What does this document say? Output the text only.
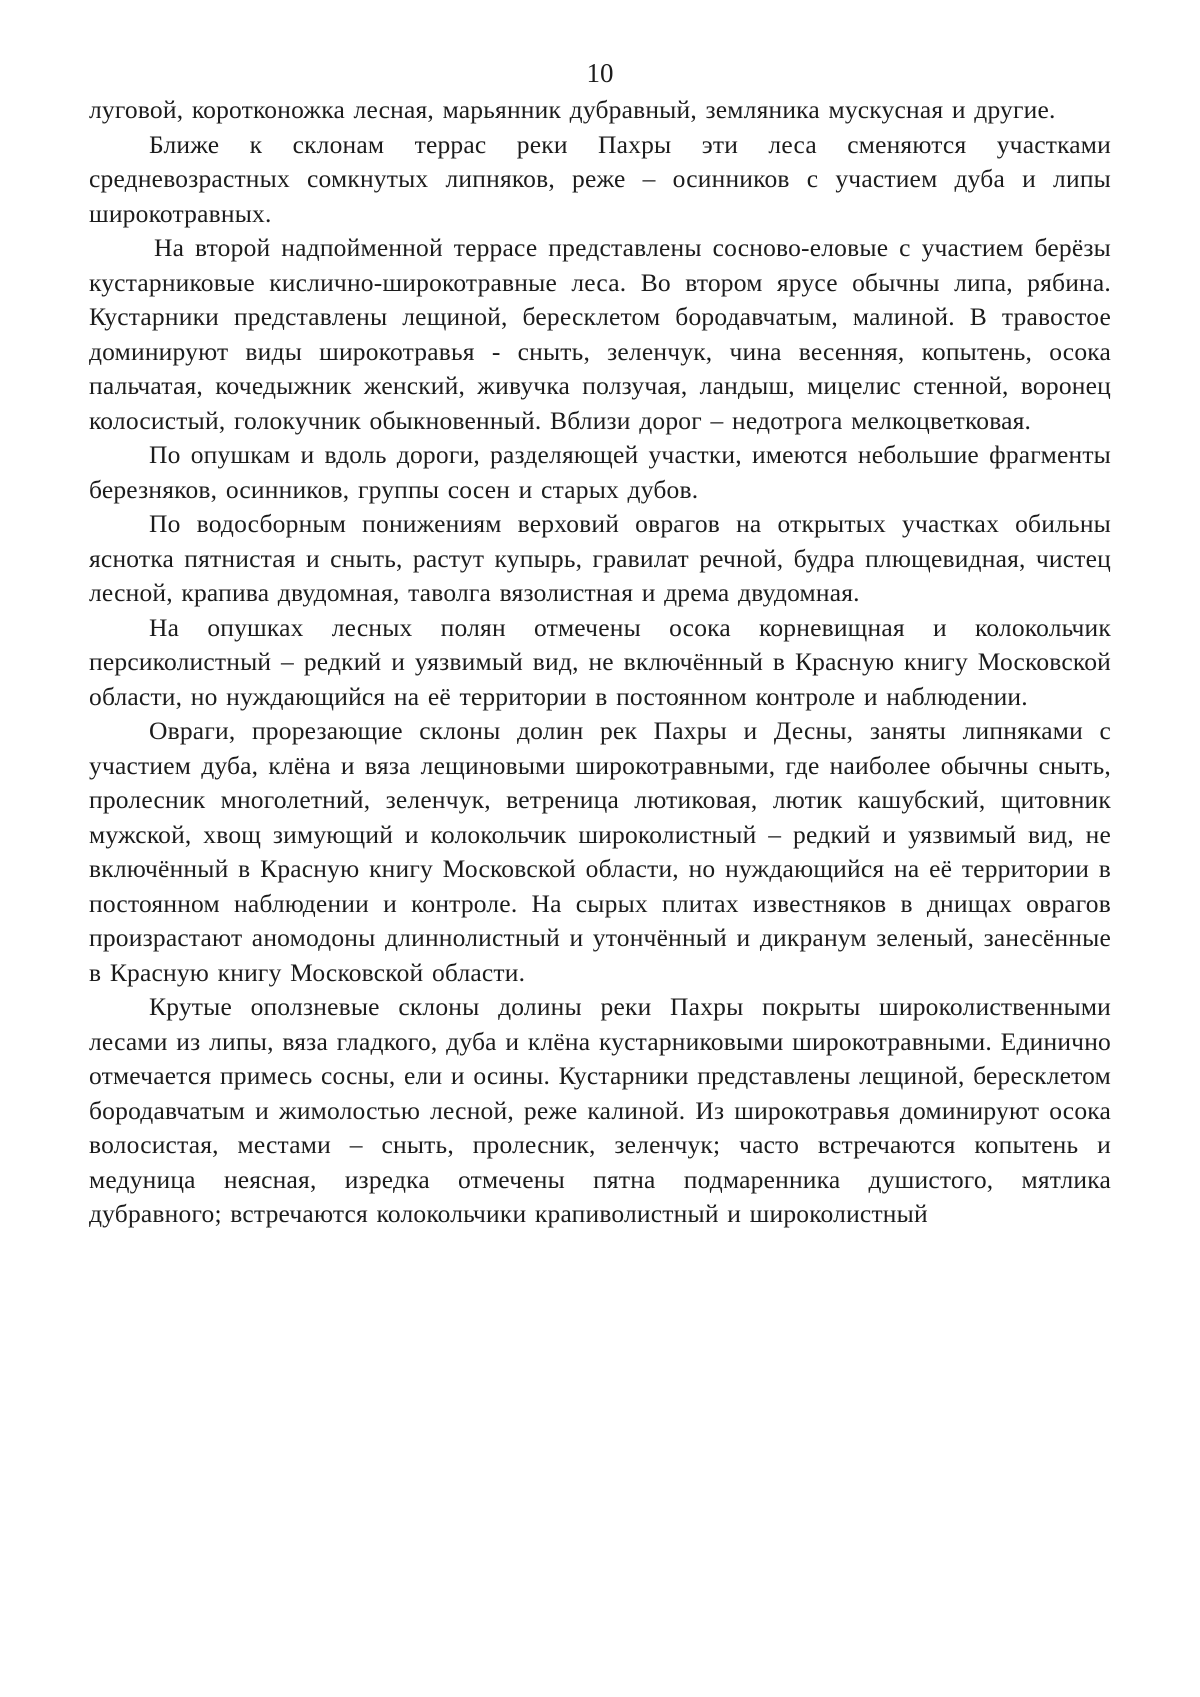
10

луговой, коротконожка лесная, марьянник дубравный, земляника мускусная и другие.

Ближе к склонам террас реки Пахры эти леса сменяются участками средневозрастных сомкнутых липняков, реже – осинников с участием дуба и липы широкотравных.

На второй надпойменной террасе представлены сосново-еловые с участием берёзы кустарниковые кислично-широкотравные леса. Во втором ярусе обычны липа, рябина. Кустарники представлены лещиной, бересклетом бородавчатым, малиной. В травостое доминируют виды широкотравья - сныть, зеленчук, чина весенняя, копытень, осока пальчатая, кочедыжник женский, живучка ползучая, ландыш, мицелис стенной, воронец колосистый, голокучник обыкновенный. Вблизи дорог – недотрога мелкоцветковая.

По опушкам и вдоль дороги, разделяющей участки, имеются небольшие фрагменты березняков, осинников, группы сосен и старых дубов.

По водосборным понижениям верховий оврагов на открытых участках обильны яснотка пятнистая и сныть, растут купырь, гравилат речной, будра плющевидная, чистец лесной, крапива двудомная, таволга вязолистная и дрема двудомная.

На опушках лесных полян отмечены осока корневищная и колокольчик персиколистный – редкий и уязвимый вид, не включённый в Красную книгу Московской области, но нуждающийся на её территории в постоянном контроле и наблюдении.

Овраги, прорезающие склоны долин рек Пахры и Десны, заняты липняками с участием дуба, клёна и вяза лещиновыми широкотравными, где наиболее обычны сныть, пролесник многолетний, зеленчук, ветреница лютиковая, лютик кашубский, щитовник мужской, хвощ зимующий и колокольчик широколистный – редкий и уязвимый вид, не включённый в Красную книгу Московской области, но нуждающийся на её территории в постоянном наблюдении и контроле. На сырых плитах известняков в днищах оврагов произрастают аномодоны длиннолистный и утончённый и дикранум зеленый, занесённые в Красную книгу Московской области.

Крутые оползневые склоны долины реки Пахры покрыты широколиственными лесами из липы, вяза гладкого, дуба и клёна кустарниковыми широкотравными. Единично отмечается примесь сосны, ели и осины. Кустарники представлены лещиной, бересклетом бородавчатым и жимолостью лесной, реже калиной. Из широкотравья доминируют осока волосистая, местами – сныть, пролесник, зеленчук; часто встречаются копытень и медуница неясная, изредка отмечены пятна подмаренника душистого, мятлика дубравного; встречаются колокольчики крапиволистный и широколистный
